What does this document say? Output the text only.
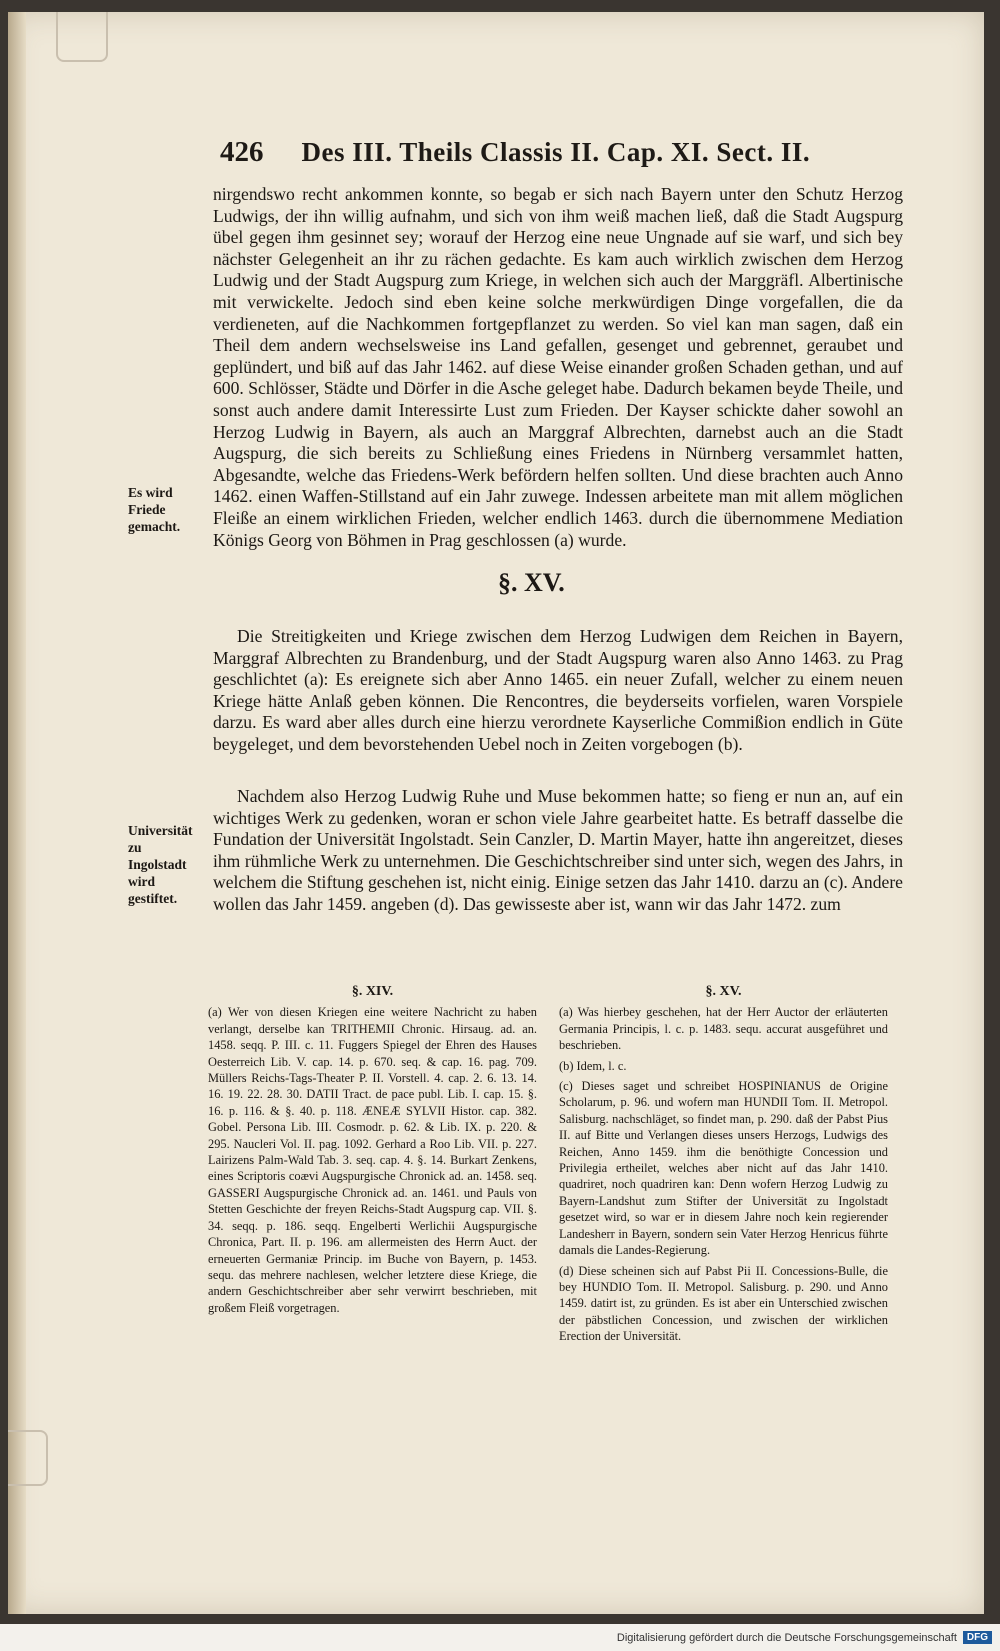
426 Des III. Theils Classis II. Cap. XI. Sect. II.

nirgendswo recht ankommen konnte, so begab er sich nach Bayern unter den Schutz Herzog Ludwigs, der ihn willig aufnahm, und sich von ihm weiß machen ließ, daß die Stadt Augspurg übel gegen ihm gesinnet sey; worauf der Herzog eine neue Ungnade auf sie warf, und sich bey nächster Gelegenheit an ihr zu rächen gedachte. Es kam auch wirklich zwischen dem Herzog Ludwig und der Stadt Augspurg zum Kriege, in welchen sich auch der Marggräfl. Albertinische mit verwickelte. Jedoch sind eben keine solche merkwürdigen Dinge vorgefallen, die da verdieneten, auf die Nachkommen fortgepflanzet zu werden. So viel kan man sagen, daß ein Theil dem andern wechselsweise ins Land gefallen, gesenget und gebrennet, geraubet und geplündert, und biß auf das Jahr 1462. auf diese Weise einander großen Schaden gethan, und auf 600. Schlösser, Städte und Dörfer in die Asche geleget habe. Dadurch bekamen beyde Theile, und sonst auch andere damit Interessirte Lust zum Frieden. Der Kayser schickte daher sowohl an Herzog Ludwig in Bayern, als auch an Marggraf Albrechten, darnebst auch an die Stadt Augspurg, die sich bereits zu Schließung eines Friedens in Nürnberg versammlet hatten, Abgesandte, welche das Friedens-Werk befördern helfen sollten. Und diese brachten auch Anno 1462. einen Waffen-Stillstand auf ein Jahr zuwege. Indessen arbeitete man mit allem möglichen Fleiße an einem wirklichen Frieden, welcher endlich 1463. durch die übernommene Mediation Königs Georg von Böhmen in Prag geschlossen (a) wurde.

Es wird Friede gemacht.

§. XV.

Die Streitigkeiten und Kriege zwischen dem Herzog Ludwigen dem Reichen in Bayern, Marggraf Albrechten zu Brandenburg, und der Stadt Augspurg waren also Anno 1463. zu Prag geschlichtet (a): Es ereignete sich aber Anno 1465. ein neuer Zufall, welcher zu einem neuen Kriege hätte Anlaß geben können. Die Rencontres, die beyderseits vorfielen, waren Vorspiele darzu. Es ward aber alles durch eine hierzu verordnete Kayserliche Commißion endlich in Güte beygeleget, und dem bevorstehenden Uebel noch in Zeiten vorgebogen (b).

Nachdem also Herzog Ludwig Ruhe und Muse bekommen hatte; so fieng er nun an, auf ein wichtiges Werk zu gedenken, woran er schon viele Jahre gearbeitet hatte. Es betraff dasselbe die Fundation der Universität Ingolstadt. Sein Canzler, D. Martin Mayer, hatte ihn angereitzet, dieses ihm rühmliche Werk zu unternehmen. Die Geschichtschreiber sind unter sich, wegen des Jahrs, in welchem die Stiftung geschehen ist, nicht einig. Einige setzen das Jahr 1410. darzu an (c). Andere wollen das Jahr 1459. angeben (d). Das gewisseste aber ist, wann wir das Jahr 1472. zum

Universität zu Ingolstadt wird gestiftet.

§. XIV.

(a) Wer von diesen Kriegen eine weitere Nachricht zu haben verlangt, derselbe kan TRITHEMII Chronic. Hirsaug. ad. an. 1458. seqq. P. III. c. 11. Fuggers Spiegel der Ehren des Hauses Oesterreich Lib. V. cap. 14. p. 670. seq. & cap. 16. pag. 709. Müllers Reichs-Tags-Theater P. II. Vorstell. 4. cap. 2. 6. 13. 14. 16. 19. 22. 28. 30. DATII Tract. de pace publ. Lib. I. cap. 15. §. 16. p. 116. & §. 40. p. 118. ÆNEÆ SYLVII Histor. cap. 382. Gobel. Persona Lib. III. Cosmodr. p. 62. & Lib. IX. p. 220. & 295. Naucleri Vol. II. pag. 1092. Gerhard a Roo Lib. VII. p. 227. Lairizens Palm-Wald Tab. 3. seq. cap. 4. §. 14. Burkart Zenkens, eines Scriptoris coævi Augspurgische Chronick ad. an. 1458. seq. GASSERI Augspurgische Chronick ad. an. 1461. und Pauls von Stetten Geschichte der freyen Reichs-Stadt Augspurg cap. VII. §. 34. seqq. p. 186. seqq. Engelberti Werlichii Augspurgische Chronica, Part. II. p. 196. am allermeisten des Herrn Auct. der erneuerten Germaniæ Princip. im Buche von Bayern, p. 1453. sequ. das mehrere nachlesen, welcher letztere diese Kriege, die andern Geschichtschreiber aber sehr verwirrt beschrieben, mit großem Fleiß vorgetragen.

§. XV.

(a) Was hierbey geschehen, hat der Herr Auctor der erläuterten Germania Principis, l. c. p. 1483. sequ. accurat ausgeführet und beschrieben.

(b) Idem, l. c.

(c) Dieses saget und schreibet HOSPINIANUS de Origine Scholarum, p. 96. und wofern man HUNDII Tom. II. Metropol. Salisburg. nachschläget, so findet man, p. 290. daß der Pabst Pius II. auf Bitte und Verlangen dieses unsers Herzogs, Ludwigs des Reichen, Anno 1459. ihm die benöthigte Concession und Privilegia ertheilet, welches aber nicht auf das Jahr 1410. quadriret, noch quadriren kan: Denn wofern Herzog Ludwig zu Bayern-Landshut zum Stifter der Universität zu Ingolstadt gesetzet wird, so war er in diesem Jahre noch kein regierender Landesherr in Bayern, sondern sein Vater Herzog Henricus führte damals die Landes-Regierung.

(d) Diese scheinen sich auf Pabst Pii II. Concessions-Bulle, die bey HUNDIO Tom. II. Metropol. Salisburg. p. 290. und Anno 1459. datirt ist, zu gründen. Es ist aber ein Unterschied zwischen der päbstlichen Concession, und zwischen der wirklichen Erection der Universität.

Digitalisierung gefördert durch die Deutsche Forschungsgemeinschaft	DFG
